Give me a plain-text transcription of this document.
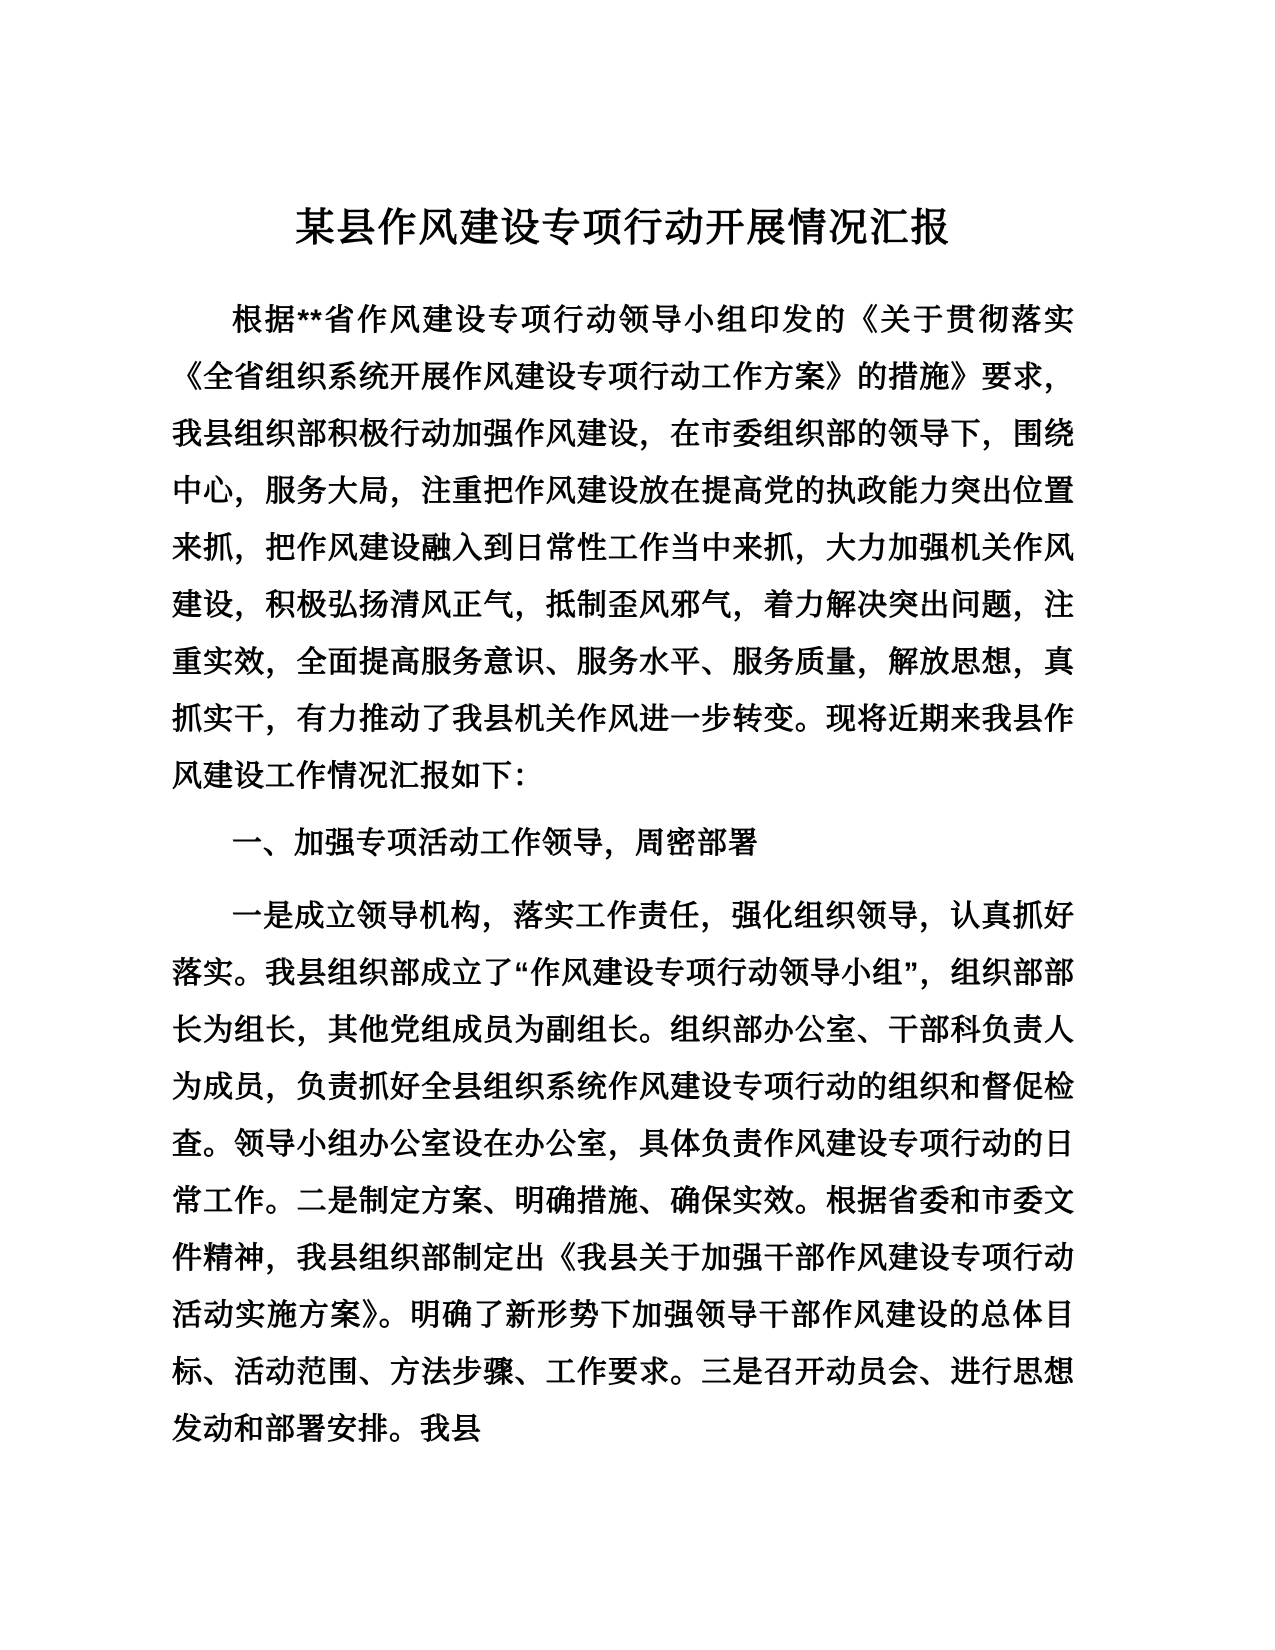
某县作风建设专项行动开展情况汇报

根据**省作风建设专项行动领导小组印发的《关于贯彻落实《全省组织系统开展作风建设专项行动工作方案》的措施》要求，我县组织部积极行动加强作风建设，在市委组织部的领导下，围绕中心，服务大局，注重把作风建设放在提高党的执政能力突出位置来抓，把作风建设融入到日常性工作当中来抓，大力加强机关作风建设，积极弘扬清风正气，抵制歪风邪气，着力解决突出问题，注重实效，全面提高服务意识、服务水平、服务质量，解放思想，真抓实干，有力推动了我县机关作风进一步转变。现将近期来我县作风建设工作情况汇报如下：

一、加强专项活动工作领导，周密部署

一是成立领导机构，落实工作责任，强化组织领导，认真抓好落实。我县组织部成立了“作风建设专项行动领导小组”，组织部部长为组长，其他党组成员为副组长。组织部办公室、干部科负责人为成员，负责抓好全县组织系统作风建设专项行动的组织和督促检查。领导小组办公室设在办公室，具体负责作风建设专项行动的日常工作。二是制定方案、明确措施、确保实效。根据省委和市委文件精神，我县组织部制定出《我县关于加强干部作风建设专项行动活动实施方案》。明确了新形势下加强领导干部作风建设的总体目标、活动范围、方法步骤、工作要求。三是召开动员会、进行思想发动和部署安排。我县
